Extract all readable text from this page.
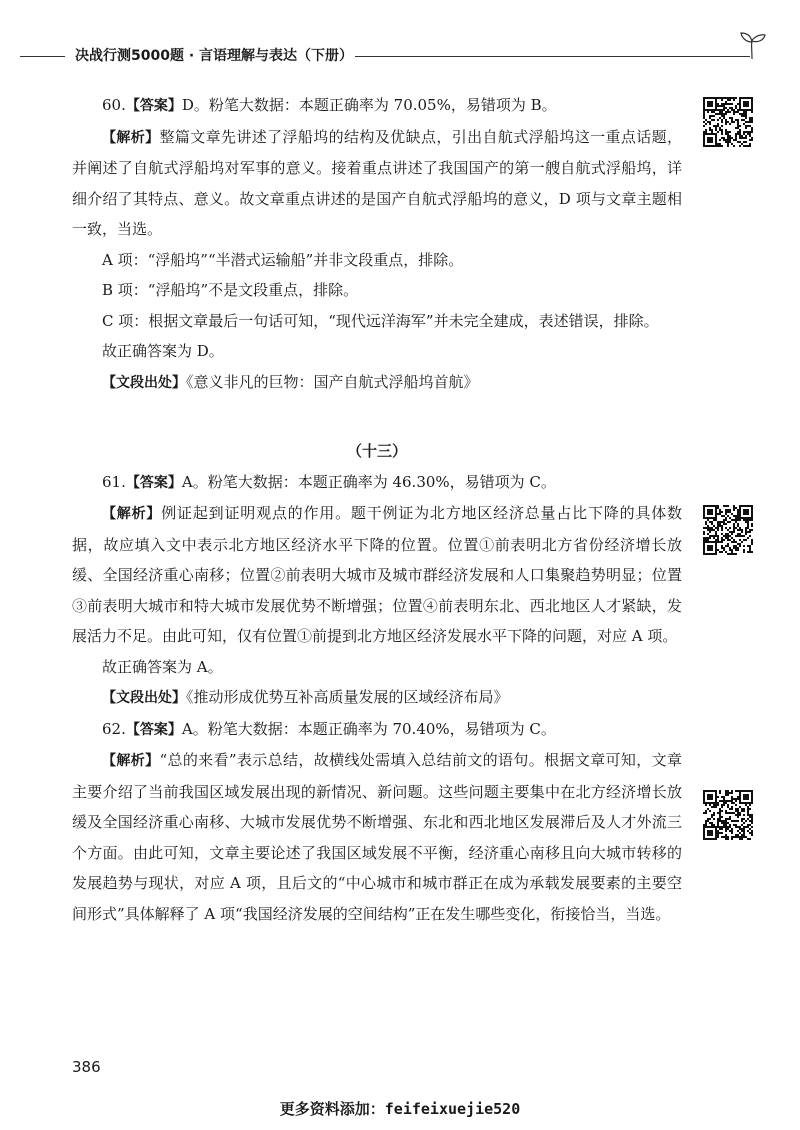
决战行测5000题 · 言语理解与表达（下册）

60.【答案】D。粉笔大数据：本题正确率为 70.05%，易错项为 B。

【解析】整篇文章先讲述了浮船坞的结构及优缺点，引出自航式浮船坞这一重点话题，并阐述了自航式浮船坞对军事的意义。接着重点讲述了我国国产的第一艘自航式浮船坞，详细介绍了其特点、意义。故文章重点讲述的是国产自航式浮船坞的意义，D 项与文章主题相一致，当选。

A 项：“浮船坞”“半潜式运输船”并非文段重点，排除。

B 项：“浮船坞”不是文段重点，排除。

C 项：根据文章最后一句话可知，“现代远洋海军”并未完全建成，表述错误，排除。

故正确答案为 D。

【文段出处】《意义非凡的巨物：国产自航式浮船坞首航》

（十三）

61.【答案】A。粉笔大数据：本题正确率为 46.30%，易错项为 C。

【解析】例证起到证明观点的作用。题干例证为北方地区经济总量占比下降的具体数据，故应填入文中表示北方地区经济水平下降的位置。位置①前表明北方省份经济增长放缓、全国经济重心南移；位置②前表明大城市及城市群经济发展和人口集聚趋势明显；位置③前表明大城市和特大城市发展优势不断增强；位置④前表明东北、西北地区人才紧缺，发展活力不足。由此可知，仅有位置①前提到北方地区经济发展水平下降的问题，对应 A 项。

故正确答案为 A。

【文段出处】《推动形成优势互补高质量发展的区域经济布局》

62.【答案】A。粉笔大数据：本题正确率为 70.40%，易错项为 C。

【解析】“总的来看”表示总结，故横线处需填入总结前文的语句。根据文章可知，文章主要介绍了当前我国区域发展出现的新情况、新问题。这些问题主要集中在北方经济增长放缓及全国经济重心南移、大城市发展优势不断增强、东北和西北地区发展滞后及人才外流三个方面。由此可知，文章主要论述了我国区域发展不平衡，经济重心南移且向大城市转移的发展趋势与现状，对应 A 项，且后文的“中心城市和城市群正在成为承载发展要素的主要空间形式”具体解释了 A 项“我国经济发展的空间结构”正在发生哪些变化，衔接恰当，当选。

386
更多资料添加：feifeixuejie520
